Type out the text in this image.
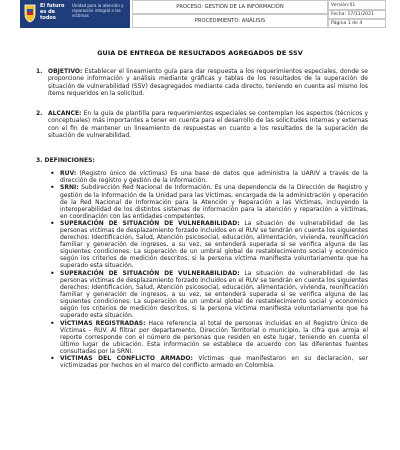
El futuro es de todos
Unidad para la atención y reparación integral a las víctimas
PROCESO: GESTIÓN DE LA INFORMACIÓN
PROCEDIMIENTO: ANÁLISIS
Versión:01
Fecha: 17/11/2021
Página 1 de 4
GUIA DE ENTREGA DE RESULTADOS AGREGADOS DE SSV
1. OBJETIVO: Establecer el lineamiento guía para dar respuesta a los requerimientos especiales, donde se proporcione información y análisis mediante gráficas y tablas de los resultados de la superación de situación de vulnerabilidad (SSV) desagregados mediante cada directo, teniendo en cuenta así mismo los ítems requeridos en la solicitud.
2. ALCANCE: En la guía de plantilla para requerimientos especiales se contemplan los aspectos (técnicos y conceptuales) más importantes a tener en cuenta para el desarrollo de las solicitudes internas y externas con el fin de mantener un lineamiento de respuestas en cuanto a los resultados de la superación de situación de vulnerabilidad.
3. DEFINICIONES:
• RUV: (Registro único de víctimas) Es una base de datos que administra la UARIV a través de la dirección de registro y gestión de la información.
• SRNI: Subdirección Red Nacional de Información. Es una dependencia de la Dirección de Registro y gestión de la Información de la Unidad para las Víctimas, encargada de la administración y operación de la Red Nacional de Información para la Atención y Reparación a las Víctimas, incluyendo la interoperabilidad de los distintos sistemas de información para la atención y reparación a víctimas, en coordinación con las entidades competentes.
• SUPERACIÓN DE SITUACIÓN DE VULNERABILIDAD: La situación de vulnerabilidad de las personas víctimas de desplazamiento forzado incluidos en el RUV se tendrán en cuenta los siguientes derechos: Identificación, Salud, Atención psicosocial, educación, alimentación, vivienda, reunificación familiar y generación de ingresos, a su vez, se entenderá superada si se verifica alguna de las siguientes condiciones: La superación de un umbral global de restablecimiento social y económico según los criterios de medición descritos, si la persona víctima manifiesta voluntariamente que ha superado esta situación.
• SUPERACIÓN DE SITUACIÓN DE VULNERABILIDAD: La situación de vulnerabilidad de las personas víctimas de desplazamiento forzado incluidos en el RUV se tendrán en cuenta los siguientes derechos: Identificación, Salud, Atención psicosocial, educación, alimentación, vivienda, reunificación familiar y generación de ingresos, a su vez, se entenderá superada si se verifica alguna de las siguientes condiciones: La superación de un umbral global de restablecimiento social y económico según los criterios de medición descritos, si la persona víctima manifiesta voluntariamente que ha superado esta situación.
• VÍCTIMAS REGISTRADAS: Hace referencia al total de personas incluidas en el Registro Único de Víctimas - RUV. Al filtrar por departamento, Dirección Territorial o municipio, la cifra que arroja el reporte corresponde con el número de personas que residen en este lugar, teniendo en cuenta el último lugar de ubicación. Esta información se establece de acuerdo con las diferentes fuentes consultadas por la SRNI.
• VÍCTIMAS DEL CONFLICTO ARMADO: Víctimas que manifestaron en su declaración, ser victimizadas por hechos en el marco del conflicto armado en Colombia.
